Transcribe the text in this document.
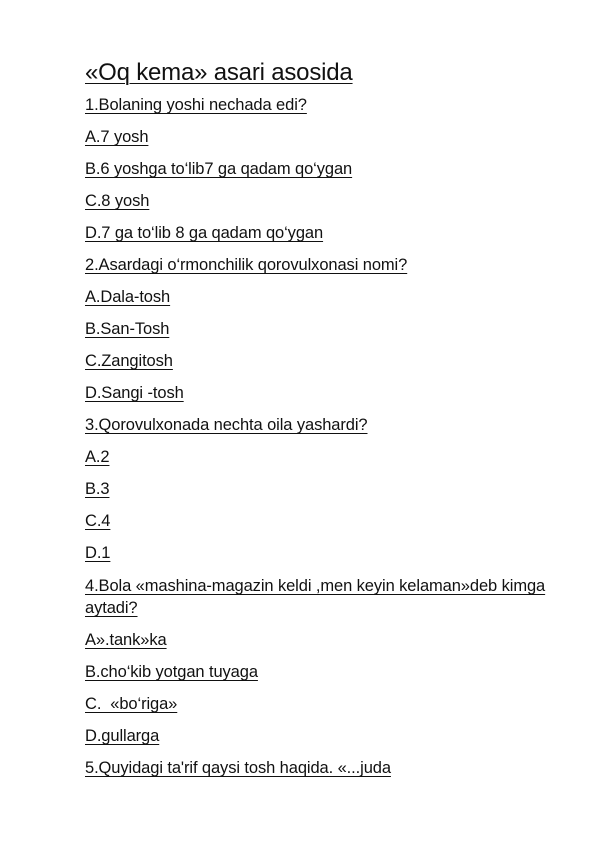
«Oq kema» asari asosida
1.Bolaning yoshi nechada edi?
A.7 yosh
B.6 yoshga to‘lib7 ga qadam qo‘ygan
C.8 yosh
D.7 ga to‘lib 8 ga qadam qo‘ygan
2.Asardagi o‘rmonchilik qorovulxonasi nomi?
A.Dala-tosh
B.San-Tosh
C.Zangitosh
D.Sangi -tosh
3.Qorovulxonada nechta oila yashardi?
A.2
B.3
C.4
D.1
4.Bola «mashina-magazin keldi ,men keyin kelaman»deb kimga aytadi?
A».tank»ka
B.cho‘kib yotgan tuyaga
C.  «bo‘riga»
D.gullarga
5.Quyidagi ta'rif qaysi tosh haqida. «...juda
